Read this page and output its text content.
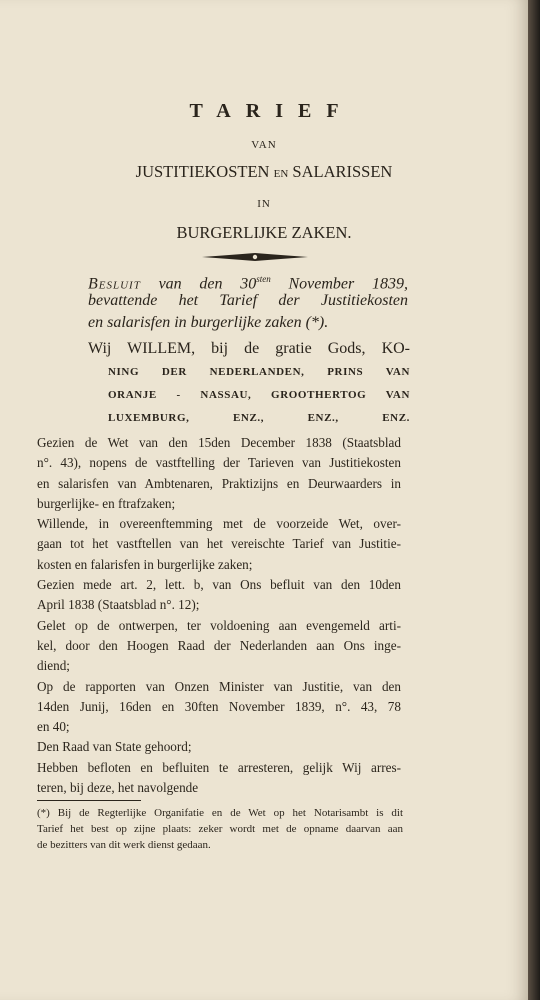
TARIEF
VAN
JUSTITIEKOSTEN EN SALARISSEN
IN
BURGERLIJKE ZAKEN.
Besluit van den $30^{sten}$ November 1839,
bevattende het Tarief der Justitiekosten
en salarisfen in burgerlijke zaken (*).
Wij WILLEM, bij de gratie Gods, KO-
NING DER NEDERLANDEN, PRINS VAN
ORANJE - NASSAU, GROOTHERTOG VAN
LUXEMBURG, ENZ., ENZ., ENZ.
Gezien de Wet van den 15den December 1838 (Staatsblad
n°. 43), nopens de vastftelling der Tarieven van Justitiekosten
en salarisfen van Ambtenaren, Praktizijns en Deurwaarders in
burgerlijke- en ftrafzaken;
Willende, in overeenftemming met de voorzeide Wet, over-
gaan tot het vastftellen van het vereischte Tarief van Justitie-
kosten en falarisfen in burgerlijke zaken;
Gezien mede art. 2, lett. b, van Ons befluit van den 10den
April 1838 (Staatsblad n°. 12);
Gelet op de ontwerpen, ter voldoening aan evengemeld arti-
kel, door den Hoogen Raad der Nederlanden aan Ons inge-
diend;
Op de rapporten van Onzen Minister van Justitie, van den
14den Junij, 16den en 30ften November 1839, n°. 43, 78
en 40;
Den Raad van State gehoord;
Hebben befloten en befluiten te arresteren, gelijk Wij arres-
teren, bij deze, het navolgende
(*) Bij de Regterlijke Organifatie en de Wet op het Notarisambt is dit
Tarief het best op zijne plaats: zeker wordt met de opname daarvan aan
de bezitters van dit werk dienst gedaan.
